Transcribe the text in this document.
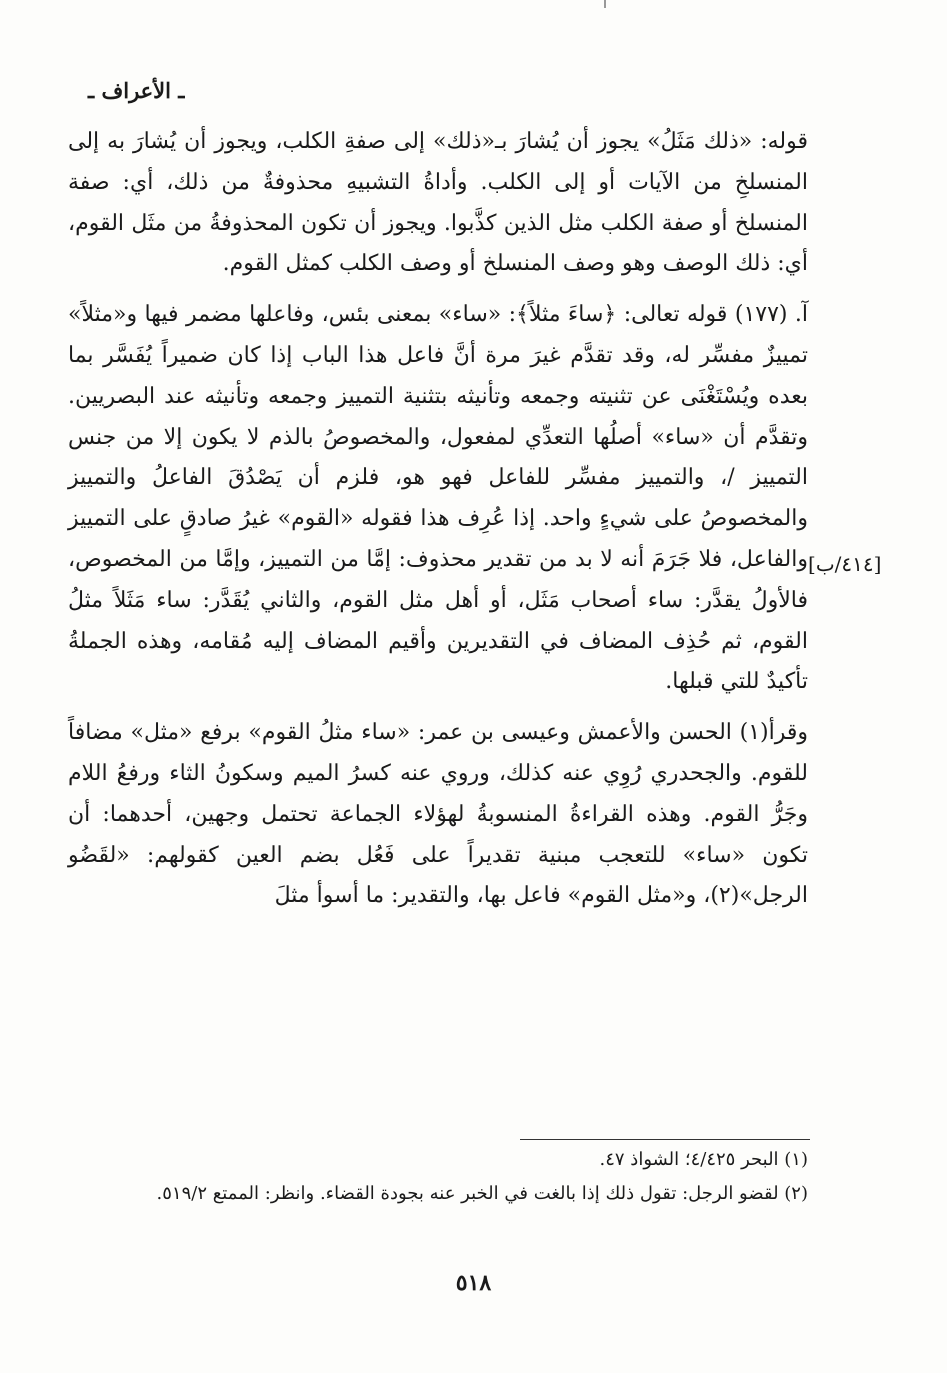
ـ الأعراف ـ

قوله: «ذلك مَثَلُ» يجوز أن يُشارَ بـ«ذلك» إلى صفةِ الكلب، ويجوز أن يُشارَ به إلى المنسلخِ من الآيات أو إلى الكلب. وأداةُ التشبيهِ محذوفةٌ من ذلك، أي: صفة المنسلخ أو صفة الكلب مثل الذين كذَّبوا. ويجوز أن تكون المحذوفةُ من مثَل القوم، أي: ذلك الوصف وهو وصف المنسلخ أو وصف الكلب كمثل القوم.

آ. (١٧٧) قوله تعالى: ﴿ساءَ مثلاً﴾: «ساء» بمعنى بئس، وفاعلها مضمر فيها و«مثلاً» تمييزٌ مفسِّر له، وقد تقدَّم غيرَ مرة أنَّ فاعل هذا الباب إذا كان ضميراً يُفَسَّر بما بعده ويُسْتَغْنَى عن تثنيته وجمعه وتأنيثه بتثنية التمييز وجمعه وتأنيثه عند البصريين. وتقدَّم أن «ساء» أصلُها التعدِّي لمفعول، والمخصوصُ بالذم لا يكون إلا من جنس التمييز /، والتمييز مفسِّر للفاعل فهو هو، فلزم أن يَصْدُقَ الفاعلُ والتمييز والمخصوصُ على شيءٍ واحد. إذا عُرِف هذا فقوله «القوم» غيرُ صادقٍ على التمييز والفاعل، فلا جَرَمَ أنه لا بد من تقدير محذوف: إمَّا من التمييز، وإمَّا من المخصوص، فالأولُ يقدَّر: ساء أصحاب مَثَل، أو أهل مثل القوم، والثاني يُقَدَّر: ساء مَثَلاً مثلُ القوم، ثم حُذِف المضاف في التقديرين وأقيم المضاف إليه مُقامه، وهذه الجملةُ تأكيدٌ للتي قبلها.

وقرأ(١) الحسن والأعمش وعيسى بن عمر: «ساء مثلُ القوم» برفع «مثل» مضافاً للقوم. والجحدري رُوِي عنه كذلك، وروي عنه كسرُ الميم وسكونُ الثاء ورفعُ اللام وجَرُّ القوم. وهذه القراءةُ المنسوبةُ لهؤلاء الجماعة تحتمل وجهين، أحدهما: أن تكون «ساء» للتعجب مبنية تقديراً على فَعُل بضم العين كقولهم: «لقَضُو الرجل»(٢)، و«مثل القوم» فاعل بها، والتقدير: ما أسوأ مثلَ

[٤١٤/ب]

(١) البحر ٤/٤٢٥؛ الشواذ ٤٧.

(٢) لقضو الرجل: تقول ذلك إذا بالغت في الخبر عنه بجودة القضاء. وانظر: الممتع ٥١٩/٢.

٥١٨
